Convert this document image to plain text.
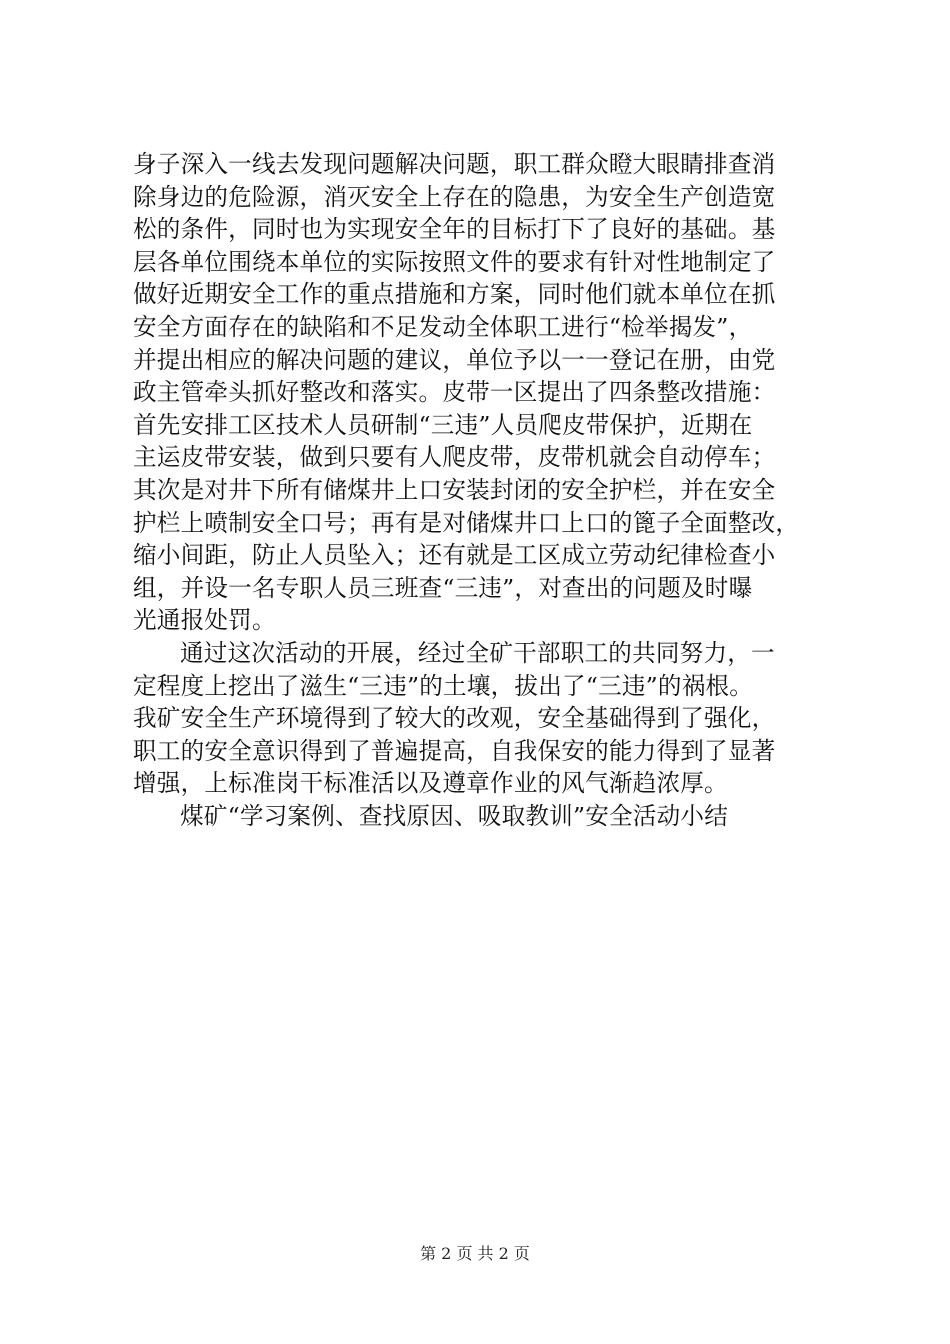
身子深入一线去发现问题解决问题，职工群众瞪大眼睛排查消
除身边的危险源，消灭安全上存在的隐患，为安全生产创造宽
松的条件，同时也为实现安全年的目标打下了良好的基础。基
层各单位围绕本单位的实际按照文件的要求有针对性地制定了
做好近期安全工作的重点措施和方案，同时他们就本单位在抓
安全方面存在的缺陷和不足发动全体职工进行“检举揭发”，
并提出相应的解决问题的建议，单位予以一一登记在册，由党
政主管牵头抓好整改和落实。皮带一区提出了四条整改措施：
首先安排工区技术人员研制“三违”人员爬皮带保护，近期在
主运皮带安装，做到只要有人爬皮带，皮带机就会自动停车；
其次是对井下所有储煤井上口安装封闭的安全护栏，并在安全
护栏上喷制安全口号；再有是对储煤井口上口的篦子全面整改，
缩小间距，防止人员坠入；还有就是工区成立劳动纪律检查小
组，并设一名专职人员三班查“三违”，对查出的问题及时曝
光通报处罚。
通过这次活动的开展，经过全矿干部职工的共同努力，一
定程度上挖出了滋生“三违”的土壤，拔出了“三违”的祸根。
我矿安全生产环境得到了较大的改观，安全基础得到了强化，
职工的安全意识得到了普遍提高，自我保安的能力得到了显著
增强，上标准岗干标准活以及遵章作业的风气渐趋浓厚。
煤矿“学习案例、查找原因、吸取教训”安全活动小结
第 2 页 共 2 页
